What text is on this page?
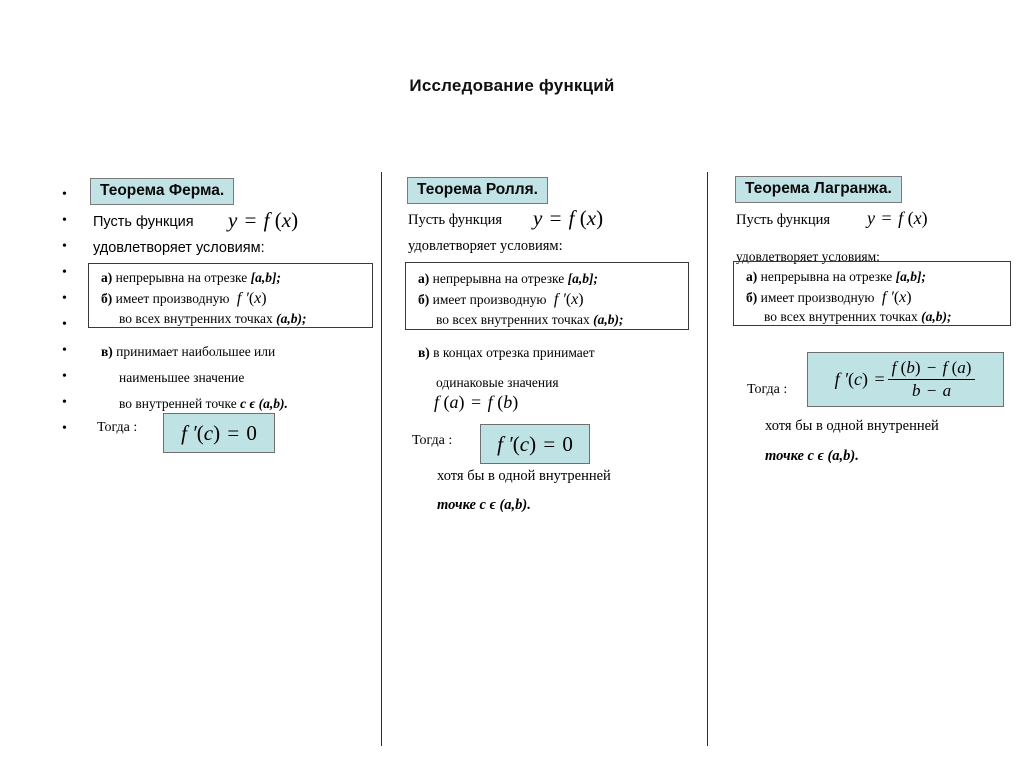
Исследование функций
•
•
•
•
•
•
•
•
•
•
Теорема Ферма.
Пусть функция y = f (x)
удовлетворяет условиям:
а) непрерывна на отрезке [a,b];
б) имеет производную  f ′(x)
во всех внутренних точках (a,b);
в) принимает наибольшее или
наименьшее значение
во внутренней точке c ϵ (a,b).
Тогда : f ′(c) = 0
Теорема Ролля.
Пусть функция y = f (x)
удовлетворяет условиям:
а) непрерывна на отрезке [a,b];
б) имеет производную  f ′(x)
во всех внутренних точках (a,b);
в) в концах отрезка принимает
одинаковые значения
f (a) = f (b)
Тогда : f ′(c) = 0
хотя бы в одной внутренней
точке c ϵ (a,b).
Теорема Лагранжа.
Пусть функция y = f (x)
удовлетворяет условиям:
а) непрерывна на отрезке [a,b];
б) имеет производную  f ′(x)
во всех внутренних точках (a,b);
Тогда :
f $'(c) = \frac{f (b) - f (a)}{b - a}$
хотя бы в одной внутренней
точке c ϵ (a,b).
